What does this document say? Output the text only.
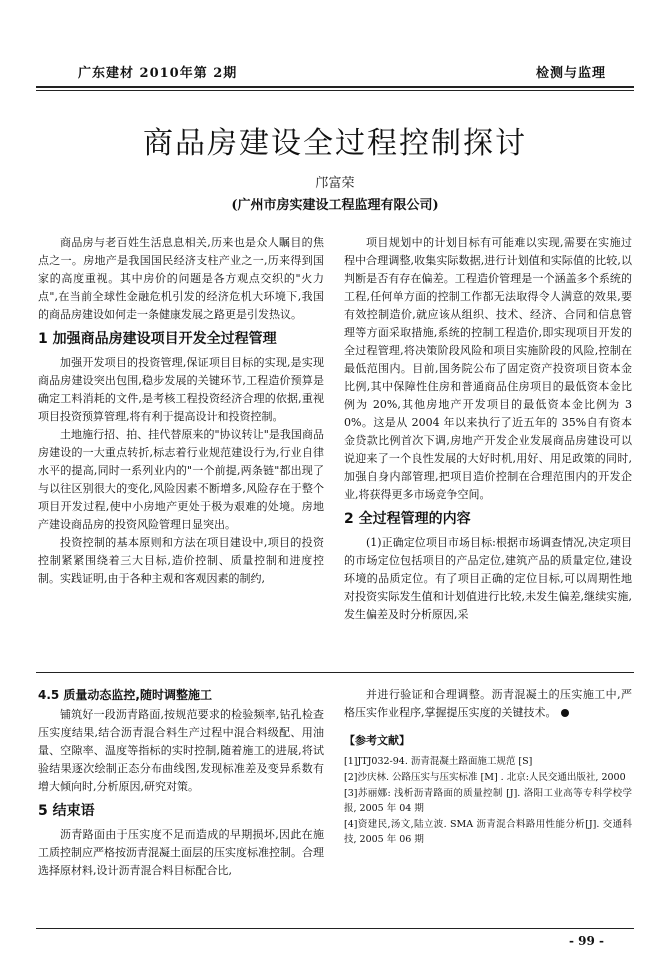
广东建材 2010年第 2期	检测与监理
商品房建设全过程控制探讨
邝富荣
(广州市房实建设工程监理有限公司)

商品房与老百姓生活息息相关,历来也是众人瞩目的焦点之一。房地产是我国国民经济支柱产业之一,历来得到国家的高度重视。其中房价的问题是各方观点交织的"火力点",在当前全球性金融危机引发的经济危机大环境下,我国的商品房建设如何走一条健康发展之路更是引发热议。

1 加强商品房建设项目开发全过程管理

加强开发项目的投资管理,保证项目目标的实现,是实现商品房建设突出包围,稳步发展的关键环节,工程造价预算是确定工料消耗的文件,是考核工程投资经济合理的依据,重视项目投资预算管理,将有利于提高设计和投资控制。

土地施行招、拍、挂代替原来的"协议转让"是我国商品房建设的一大重点转折,标志着行业规范建设行为,行业自律水平的提高,同时一系列业内的"一个前提,两条链"都出现了与以往区别很大的变化,风险因素不断增多,风险存在于整个项目开发过程,使中小房地产更处于极为艰难的处境。房地产建设商品房的投资风险管理日显突出。

投资控制的基本原则和方法在项目建设中,项目的投资控制紧紧围绕着三大目标,造价控制、质量控制和进度控制。实践证明,由于各种主观和客观因素的制约,

项目规划中的计划目标有可能难以实现,需要在实施过程中合理调整,收集实际数据,进行计划值和实际值的比较,以判断是否有存在偏差。工程造价管理是一个涵盖多个系统的工程,任何单方面的控制工作都无法取得令人满意的效果,要有效控制造价,就应该从组织、技术、经济、合同和信息管理等方面采取措施,系统的控制工程造价,即实现项目开发的全过程管理,将决策阶段风险和项目实施阶段的风险,控制在最低范围内。目前,国务院公布了固定资产投资项目资本金比例,其中保障性住房和普通商品住房项目的最低资本金比例为 20%,其他房地产开发项目的最低资本金比例为 30%。这是从 2004 年以来执行了近五年的 35%自有资本金贷款比例首次下调,房地产开发企业发展商品房建设可以说迎来了一个良性发展的大好时机,用好、用足政策的同时,加强自身内部管理,把项目造价控制在合理范围内的开发企业,将获得更多市场竞争空间。

2 全过程管理的内容

(1)正确定位项目市场目标:根据市场调查情况,决定项目的市场定位包括项目的产品定位,建筑产品的质量定位,建设环境的品质定位。有了项目正确的定位目标,可以周期性地对投资实际发生值和计划值进行比较,未发生偏差,继续实施,发生偏差及时分析原因,采

4.5 质量动态监控,随时调整施工

铺筑好一段沥青路面,按规范要求的检验频率,钻孔检查压实度结果,结合沥青混合料生产过程中混合料级配、用油量、空隙率、温度等指标的实时控制,随着施工的进展,将试验结果逐次绘制正态分布曲线图,发现标准差及变异系数有增大倾向时,分析原因,研究对策。

5 结束语

沥青路面由于压实度不足而造成的早期损坏,因此在施工质控制应严格按沥青混凝土面层的压实度标准控制。合理选择原材料,设计沥青混合料目标配合比,

并进行验证和合理调整。沥青混凝土的压实施工中,严格压实作业程序,掌握提压实度的关键技术。

【参考文献】
[1]JTJ032-94. 沥青混凝土路面施工规范 [S]
[2]沙庆林. 公路压实与压实标准 [M] . 北京:人民交通出版社, 2000
[3]苏丽娜: 浅析沥青路面的质量控制 [J]. 洛阳工业高等专科学校学报, 2005 年 04 期
[4]资建民,汤文,陆立波. SMA 沥青混合料路用性能分析[J]. 交通科技, 2005 年 06 期
- 99 -
